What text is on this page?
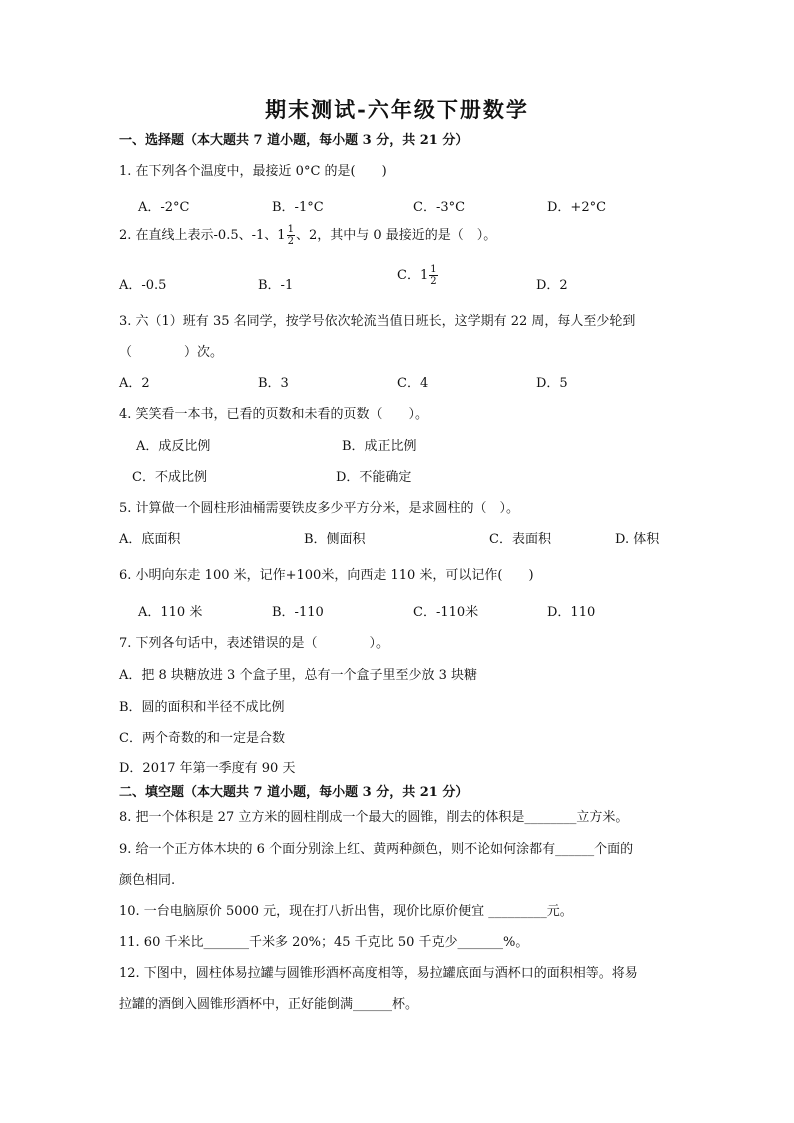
期末测试-六年级下册数学
一、选择题（本大题共 7 道小题，每小题 3 分，共 21 分）
1. 在下列各个温度中，最接近 0°C 的是(　　)
A．-2°C	B．-1°C	C．-3°C	D．+2°C
2. 在直线上表示-0.5、-1、$1 \frac{1}{2}$ 、2，其中与 0 最接近的是（　）。
A．-0.5	B．-1
C．$1 \frac{1}{2}$	D．2
3. 六（1）班有 35 名同学，按学号依次轮流当值日班长，这学期有 22 周，每人至少轮到
（　　　　）次。
A．2	B．3	C．4	D．5
4. 笑笑看一本书，已看的页数和未看的页数（　　）。
A．成反比例	B．成正比例
C．不成比例	D．不能确定
5. 计算做一个圆柱形油桶需要铁皮多少平方分米，是求圆柱的（　）。
A．底面积	B．侧面积	C．表面积	D. 体积
6. 小明向东走 100 米，记作+100米，向西走 110 米，可以记作(　　)
A．110 米	B．-110	C．-110米	D．110
7. 下列各句话中，表述错误的是（　　　　）。
A．把 8 块糖放进 3 个盒子里，总有一个盒子里至少放 3 块糖
B．圆的面积和半径不成比例
C．两个奇数的和一定是合数
D．2017 年第一季度有 90 天
二、填空题（本大题共 7 道小题，每小题 3 分，共 21 分）
8. 把一个体积是 27 立方米的圆柱削成一个最大的圆锥，削去的体积是________立方米。
9. 给一个正方体木块的 6 个面分别涂上红、黄两种颜色，则不论如何涂都有______个面的
颜色相同.
10. 一台电脑原价 5000 元，现在打八折出售，现价比原价便宜 _________元。
11. 60 千米比_______千米多 20%；45 千克比 50 千克少_______%。
12. 下图中，圆柱体易拉罐与圆锥形酒杯高度相等，易拉罐底面与酒杯口的面积相等。将易
拉罐的酒倒入圆锥形酒杯中，正好能倒满______杯。
